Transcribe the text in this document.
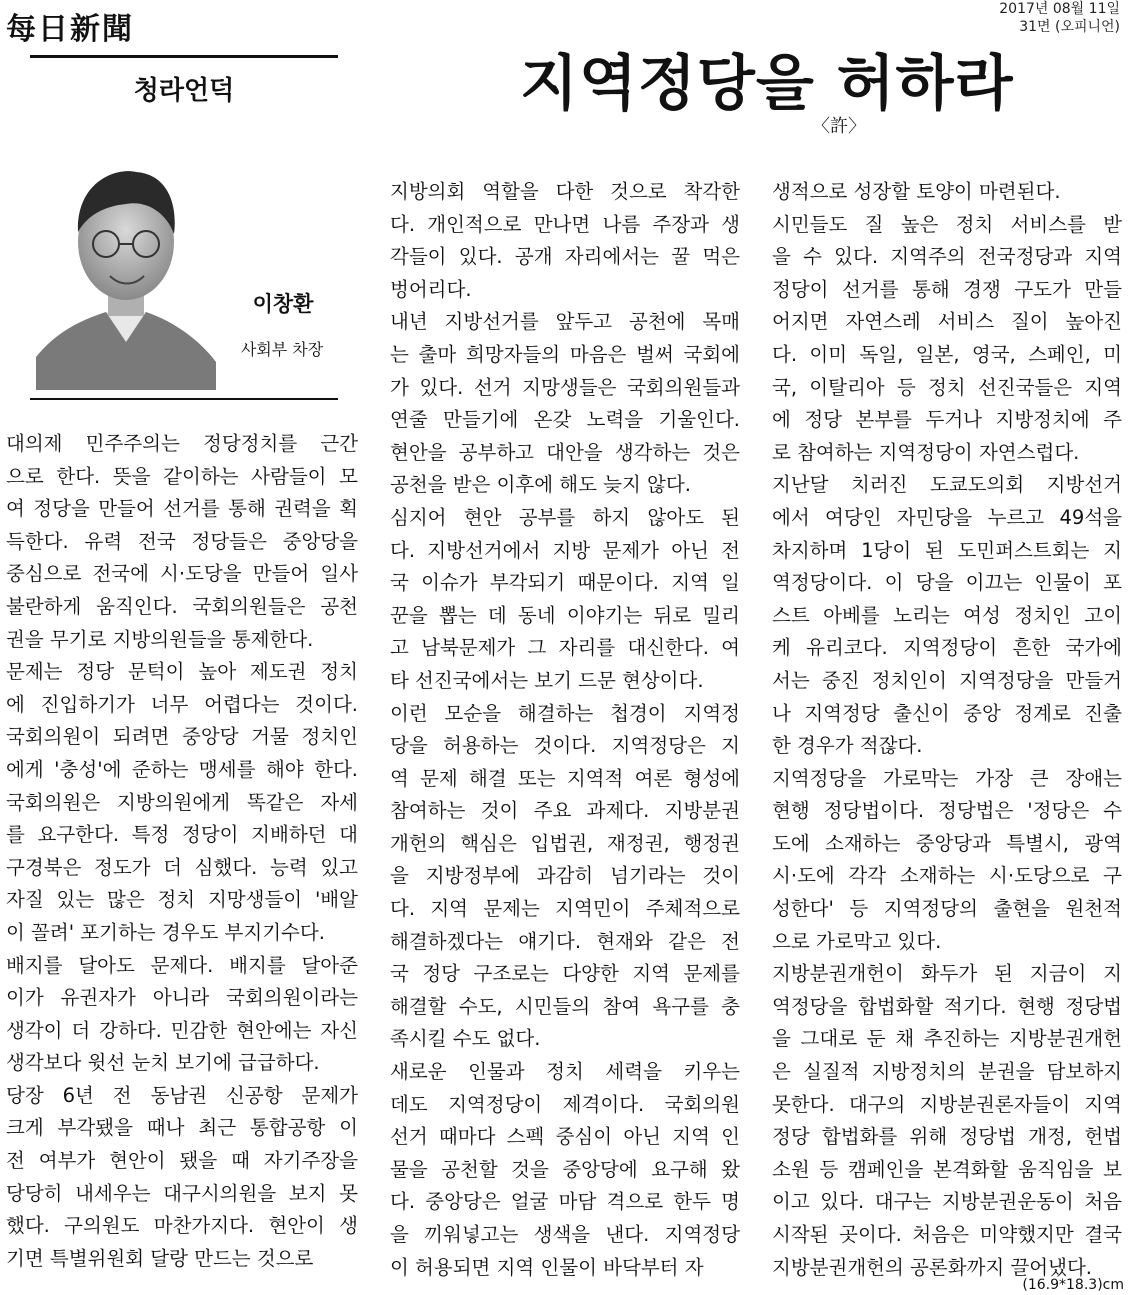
每日新聞
2017년 08월 11일
31면 (오피니언)
청라언덕	지역정당을 허하라
〈許〉
이창환
사회부 차장

대의제 민주주의는 정당정치를 근간

으로 한다. 뜻을 같이하는 사람들이 모

여 정당을 만들어 선거를 통해 권력을 획

득한다. 유력 전국 정당들은 중앙당을

중심으로 전국에 시·도당을 만들어 일사

불란하게 움직인다. 국회의원들은 공천

권을 무기로 지방의원들을 통제한다.

문제는 정당 문턱이 높아 제도권 정치

에 진입하기가 너무 어렵다는 것이다.

국회의원이 되려면 중앙당 거물 정치인

에게 '충성'에 준하는 맹세를 해야 한다.

국회의원은 지방의원에게 똑같은 자세

를 요구한다. 특정 정당이 지배하던 대

구경북은 정도가 더 심했다. 능력 있고

자질 있는 많은 정치 지망생들이 '배알

이 꼴려' 포기하는 경우도 부지기수다.

배지를 달아도 문제다. 배지를 달아준

이가 유권자가 아니라 국회의원이라는

생각이 더 강하다. 민감한 현안에는 자신

생각보다 윗선 눈치 보기에 급급하다.

당장 6년 전 동남권 신공항 문제가

크게 부각됐을 때나 최근 통합공항 이

전 여부가 현안이 됐을 때 자기주장을

당당히 내세우는 대구시의원을 보지 못

했다. 구의원도 마찬가지다. 현안이 생

기면 특별위원회 달랑 만드는 것으로

지방의회 역할을 다한 것으로 착각한

다. 개인적으로 만나면 나름 주장과 생

각들이 있다. 공개 자리에서는 꿀 먹은

벙어리다.

내년 지방선거를 앞두고 공천에 목매

는 출마 희망자들의 마음은 벌써 국회에

가 있다. 선거 지망생들은 국회의원들과

연줄 만들기에 온갖 노력을 기울인다.

현안을 공부하고 대안을 생각하는 것은

공천을 받은 이후에 해도 늦지 않다.

심지어 현안 공부를 하지 않아도 된

다. 지방선거에서 지방 문제가 아닌 전

국 이슈가 부각되기 때문이다. 지역 일

꾼을 뽑는 데 동네 이야기는 뒤로 밀리

고 남북문제가 그 자리를 대신한다. 여

타 선진국에서는 보기 드문 현상이다.

이런 모순을 해결하는 첩경이 지역정

당을 허용하는 것이다. 지역정당은 지

역 문제 해결 또는 지역적 여론 형성에

참여하는 것이 주요 과제다. 지방분권

개헌의 핵심은 입법권, 재정권, 행정권

을 지방정부에 과감히 넘기라는 것이

다. 지역 문제는 지역민이 주체적으로

해결하겠다는 얘기다. 현재와 같은 전

국 정당 구조로는 다양한 지역 문제를

해결할 수도, 시민들의 참여 욕구를 충

족시킬 수도 없다.

새로운 인물과 정치 세력을 키우는

데도 지역정당이 제격이다. 국회의원

선거 때마다 스펙 중심이 아닌 지역 인

물을 공천할 것을 중앙당에 요구해 왔

다. 중앙당은 얼굴 마담 격으로 한두 명

을 끼워넣고는 생색을 낸다. 지역정당

이 허용되면 지역 인물이 바닥부터 자

생적으로 성장할 토양이 마련된다.

시민들도 질 높은 정치 서비스를 받

을 수 있다. 지역주의 전국정당과 지역

정당이 선거를 통해 경쟁 구도가 만들

어지면 자연스레 서비스 질이 높아진

다. 이미 독일, 일본, 영국, 스페인, 미

국, 이탈리아 등 정치 선진국들은 지역

에 정당 본부를 두거나 지방정치에 주

로 참여하는 지역정당이 자연스럽다.

지난달 치러진 도쿄도의회 지방선거

에서 여당인 자민당을 누르고 49석을

차지하며 1당이 된 도민퍼스트회는 지

역정당이다. 이 당을 이끄는 인물이 포

스트 아베를 노리는 여성 정치인 고이

케 유리코다. 지역정당이 흔한 국가에

서는 중진 정치인이 지역정당을 만들거

나 지역정당 출신이 중앙 정계로 진출

한 경우가 적잖다.

지역정당을 가로막는 가장 큰 장애는

현행 정당법이다. 정당법은 '정당은 수

도에 소재하는 중앙당과 특별시, 광역

시·도에 각각 소재하는 시·도당으로 구

성한다' 등 지역정당의 출현을 원천적

으로 가로막고 있다.

지방분권개헌이 화두가 된 지금이 지

역정당을 합법화할 적기다. 현행 정당법

을 그대로 둔 채 추진하는 지방분권개헌

은 실질적 지방정치의 분권을 담보하지

못한다. 대구의 지방분권론자들이 지역

정당 합법화를 위해 정당법 개정, 헌법

소원 등 캠페인을 본격화할 움직임을 보

이고 있다. 대구는 지방분권운동이 처음

시작된 곳이다. 처음은 미약했지만 결국

지방분권개헌의 공론화까지 끌어냈다.

(16.9*18.3)cm
